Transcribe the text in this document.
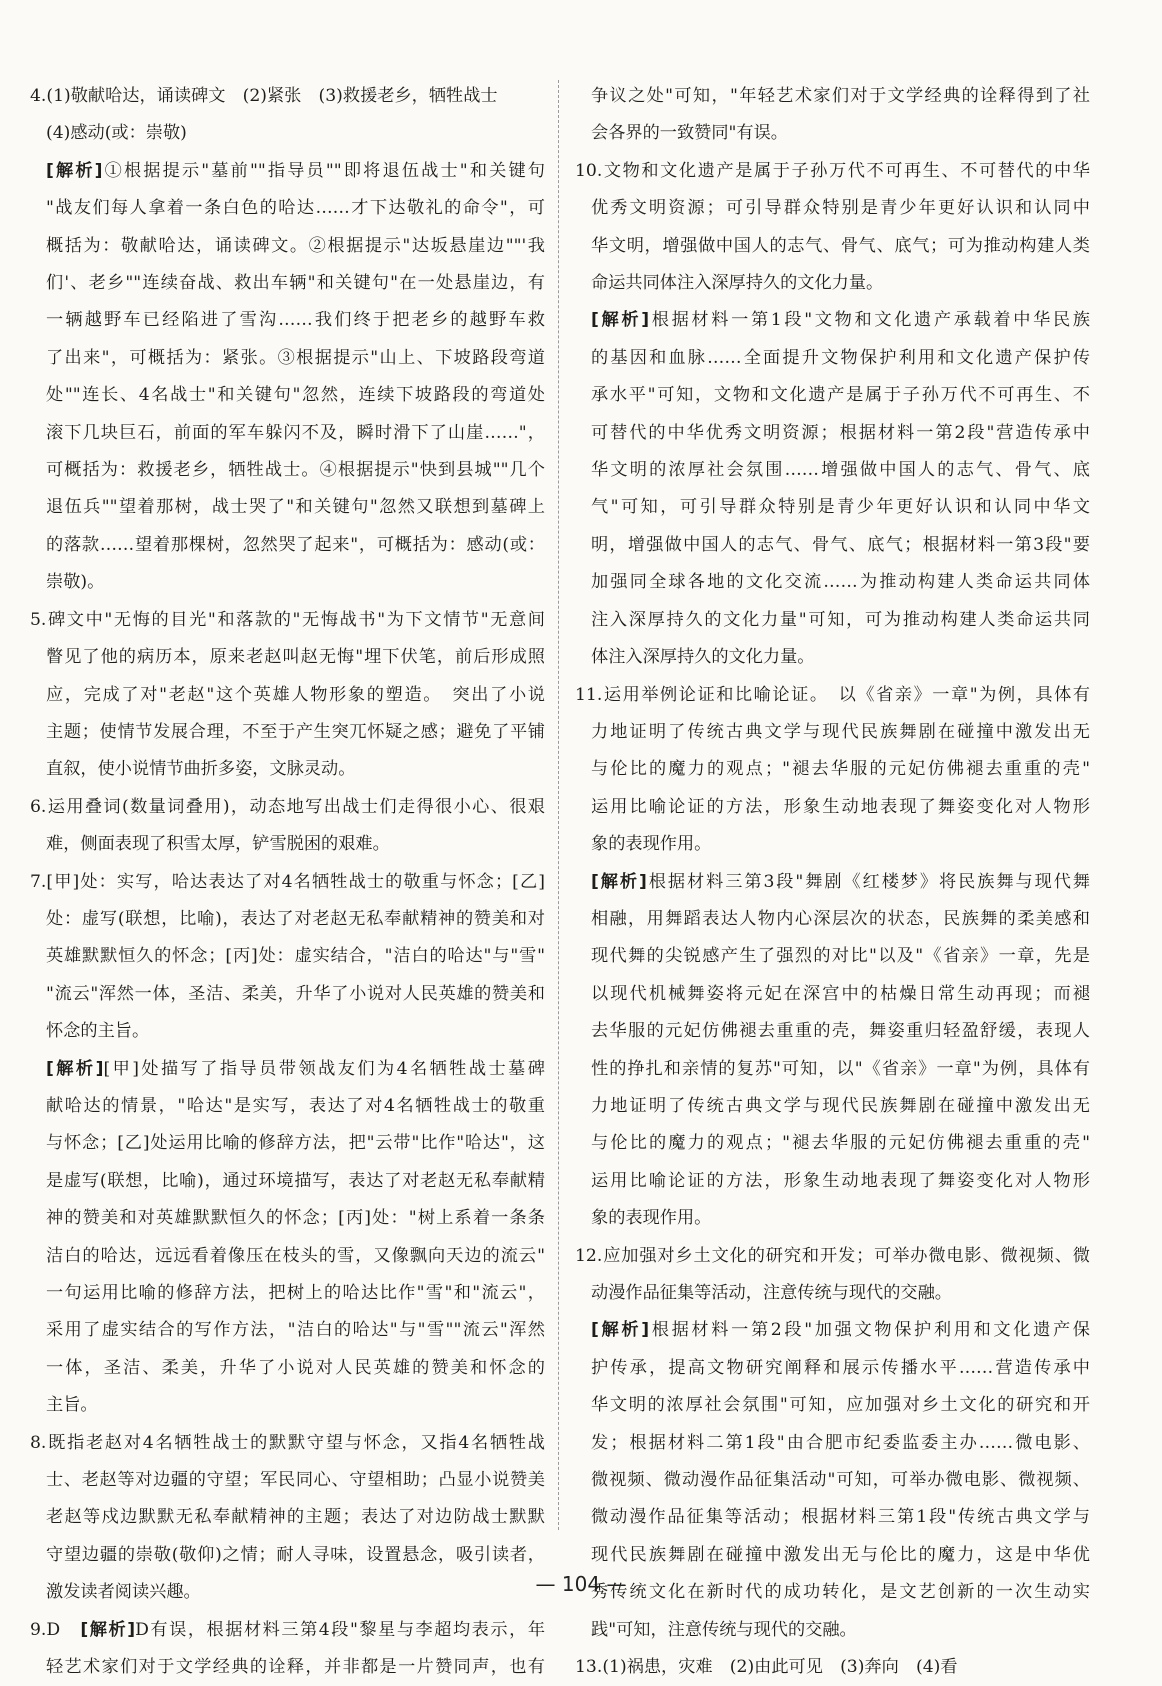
4.(1)敬献哈达，诵读碑文　(2)紧张　(3)救援老乡，牺牲战士
(4)感动(或：崇敬)
[解析]①根据提示"墓前""指导员""即将退伍战士"和关键句
"战友们每人拿着一条白色的哈达……才下达敬礼的命令"，可
概括为：敬献哈达，诵读碑文。②根据提示"达坂悬崖边""'我
们'、老乡""连续奋战、救出车辆"和关键句"在一处悬崖边，有
一辆越野车已经陷进了雪沟……我们终于把老乡的越野车救
了出来"，可概括为：紧张。③根据提示"山上、下坡路段弯道
处""连长、4名战士"和关键句"忽然，连续下坡路段的弯道处
滚下几块巨石，前面的军车躲闪不及，瞬时滑下了山崖……"，
可概括为：救援老乡，牺牲战士。④根据提示"快到县城""几个
退伍兵""望着那树，战士哭了"和关键句"忽然又联想到墓碑上
的落款……望着那棵树，忽然哭了起来"，可概括为：感动(或：
崇敬)。
5.碑文中"无悔的目光"和落款的"无悔战书"为下文情节"无意间
瞥见了他的病历本，原来老赵叫赵无悔"埋下伏笔，前后形成照
应，完成了对"老赵"这个英雄人物形象的塑造。　突出了小说
主题；使情节发展合理，不至于产生突兀怀疑之感；避免了平铺
直叙，使小说情节曲折多姿，文脉灵动。
6.运用叠词(数量词叠用)，动态地写出战士们走得很小心、很艰
难，侧面表现了积雪太厚，铲雪脱困的艰难。
7.[甲]处：实写，哈达表达了对4名牺牲战士的敬重与怀念；[乙]
处：虚写(联想，比喻)，表达了对老赵无私奉献精神的赞美和对
英雄默默恒久的怀念；[丙]处：虚实结合，"洁白的哈达"与"雪"
"流云"浑然一体，圣洁、柔美，升华了小说对人民英雄的赞美和
怀念的主旨。
[解析][甲]处描写了指导员带领战友们为4名牺牲战士墓碑
献哈达的情景，"哈达"是实写，表达了对4名牺牲战士的敬重
与怀念；[乙]处运用比喻的修辞方法，把"云带"比作"哈达"，这
是虚写(联想，比喻)，通过环境描写，表达了对老赵无私奉献精
神的赞美和对英雄默默恒久的怀念；[丙]处："树上系着一条条
洁白的哈达，远远看着像压在枝头的雪，又像飘向天边的流云"
一句运用比喻的修辞方法，把树上的哈达比作"雪"和"流云"，
采用了虚实结合的写作方法，"洁白的哈达"与"雪""流云"浑然
一体，圣洁、柔美，升华了小说对人民英雄的赞美和怀念的
主旨。
8.既指老赵对4名牺牲战士的默默守望与怀念，又指4名牺牲战
士、老赵等对边疆的守望；军民同心、守望相助；凸显小说赞美
老赵等戍边默默无私奉献精神的主题；表达了对边防战士默默
守望边疆的崇敬(敬仰)之情；耐人寻味，设置悬念，吸引读者，
激发读者阅读兴趣。
9.D　[解析]D有误，根据材料三第4段"黎星与李超均表示，年
轻艺术家们对于文学经典的诠释，并非都是一片赞同声，也有
争议之处"可知，"年轻艺术家们对于文学经典的诠释得到了社
会各界的一致赞同"有误。
10.文物和文化遗产是属于子孙万代不可再生、不可替代的中华
优秀文明资源；可引导群众特别是青少年更好认识和认同中
华文明，增强做中国人的志气、骨气、底气；可为推动构建人类
命运共同体注入深厚持久的文化力量。
[解析]根据材料一第1段"文物和文化遗产承载着中华民族
的基因和血脉……全面提升文物保护利用和文化遗产保护传
承水平"可知，文物和文化遗产是属于子孙万代不可再生、不
可替代的中华优秀文明资源；根据材料一第2段"营造传承中
华文明的浓厚社会氛围……增强做中国人的志气、骨气、底
气"可知，可引导群众特别是青少年更好认识和认同中华文
明，增强做中国人的志气、骨气、底气；根据材料一第3段"要
加强同全球各地的文化交流……为推动构建人类命运共同体
注入深厚持久的文化力量"可知，可为推动构建人类命运共同
体注入深厚持久的文化力量。
11.运用举例论证和比喻论证。　以《省亲》一章"为例，具体有
力地证明了传统古典文学与现代民族舞剧在碰撞中激发出无
与伦比的魔力的观点；"褪去华服的元妃仿佛褪去重重的壳"
运用比喻论证的方法，形象生动地表现了舞姿变化对人物形
象的表现作用。
[解析]根据材料三第3段"舞剧《红楼梦》将民族舞与现代舞
相融，用舞蹈表达人物内心深层次的状态，民族舞的柔美感和
现代舞的尖锐感产生了强烈的对比"以及"《省亲》一章，先是
以现代机械舞姿将元妃在深宫中的枯燥日常生动再现；而褪
去华服的元妃仿佛褪去重重的壳，舞姿重归轻盈舒缓，表现人
性的挣扎和亲情的复苏"可知，以"《省亲》一章"为例，具体有
力地证明了传统古典文学与现代民族舞剧在碰撞中激发出无
与伦比的魔力的观点；"褪去华服的元妃仿佛褪去重重的壳"
运用比喻论证的方法，形象生动地表现了舞姿变化对人物形
象的表现作用。
12.应加强对乡土文化的研究和开发；可举办微电影、微视频、微
动漫作品征集等活动，注意传统与现代的交融。
[解析]根据材料一第2段"加强文物保护利用和文化遗产保
护传承，提高文物研究阐释和展示传播水平……营造传承中
华文明的浓厚社会氛围"可知，应加强对乡土文化的研究和开
发；根据材料二第1段"由合肥市纪委监委主办……微电影、
微视频、微动漫作品征集活动"可知，可举办微电影、微视频、
微动漫作品征集等活动；根据材料三第1段"传统古典文学与
现代民族舞剧在碰撞中激发出无与伦比的魔力，这是中华优
秀传统文化在新时代的成功转化，是文艺创新的一次生动实
践"可知，注意传统与现代的交融。
13.(1)祸患，灾难　(2)由此可见　(3)奔向　(4)看
— 104 —
